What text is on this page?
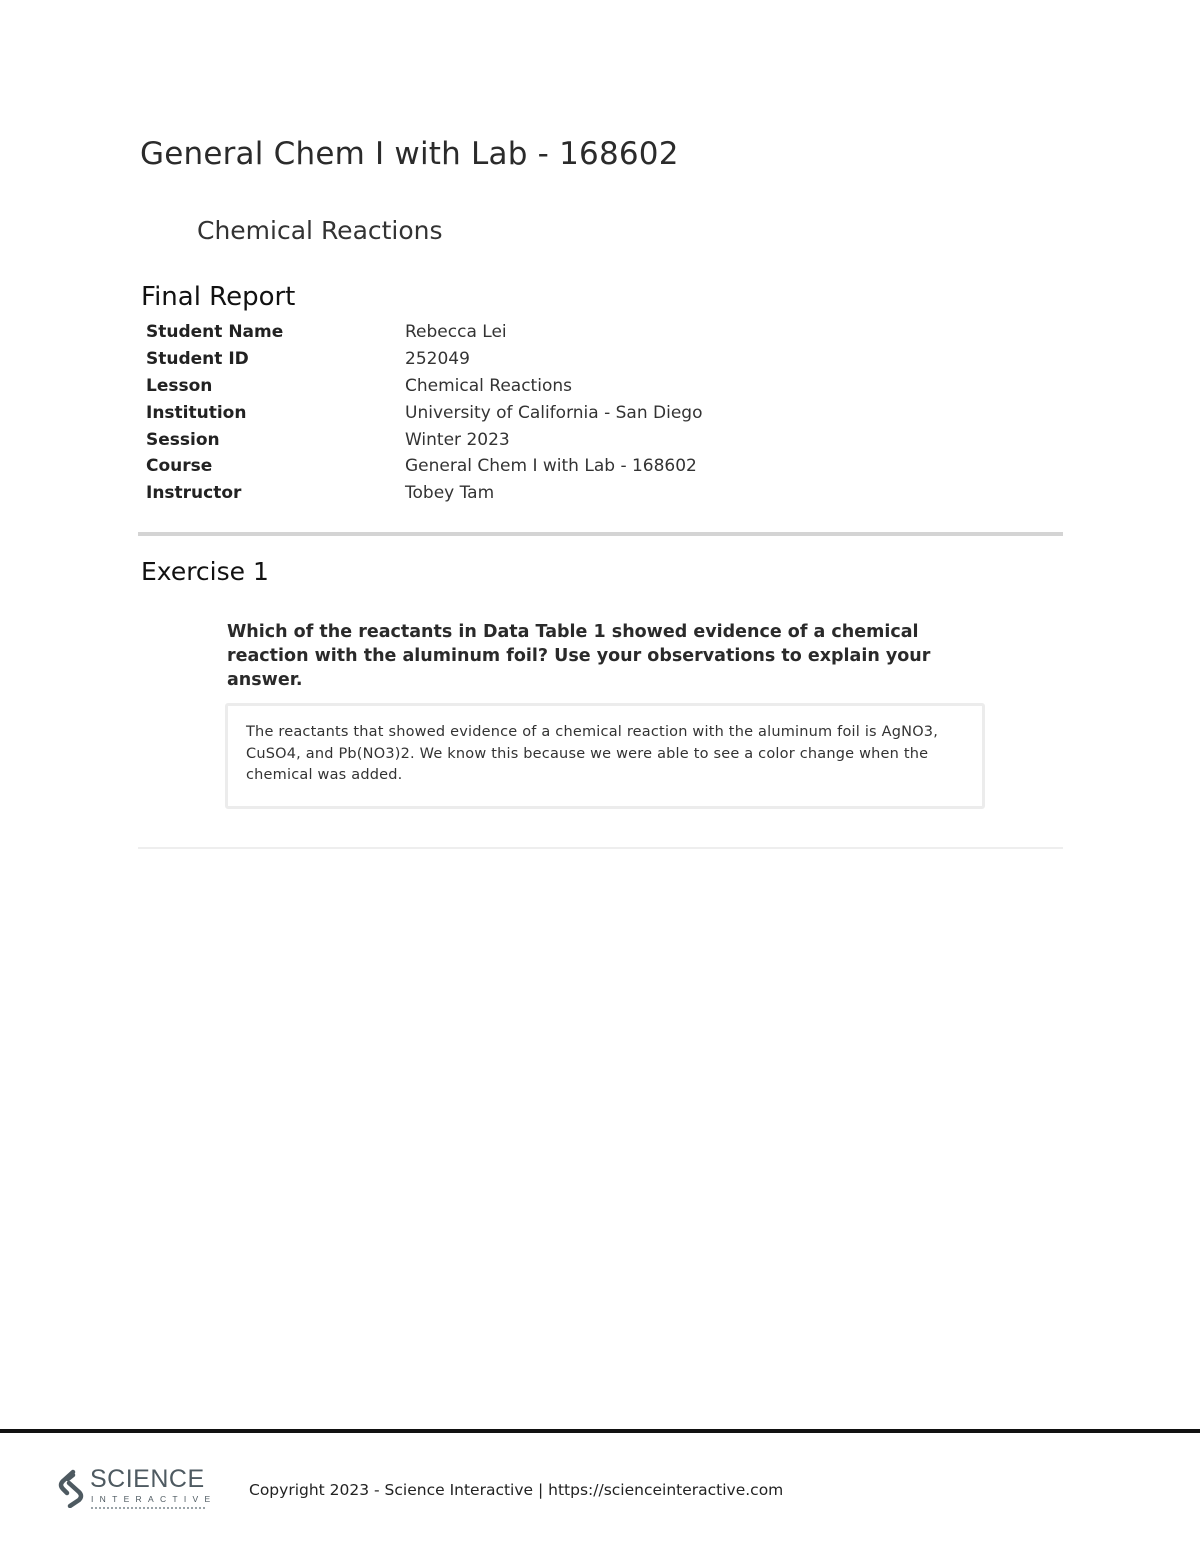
General Chem I with Lab - 168602
Chemical Reactions
Final Report
Student Name	Rebecca Lei
Student ID	252049
Lesson	Chemical Reactions
Institution	University of California - San Diego
Session	Winter 2023
Course	General Chem I with Lab - 168602
Instructor	Tobey Tam
Exercise 1
Which of the reactants in Data Table 1 showed evidence of a chemical reaction with the aluminum foil? Use your observations to explain your answer.
The reactants that showed evidence of a chemical reaction with the aluminum foil is AgNO3, CuSO4, and Pb(NO3)2. We know this because we were able to see a color change when the chemical was added.
SCIENCE
INTERACTIVE Copyright 2023 - Science Interactive | https://scienceinteractive.com
